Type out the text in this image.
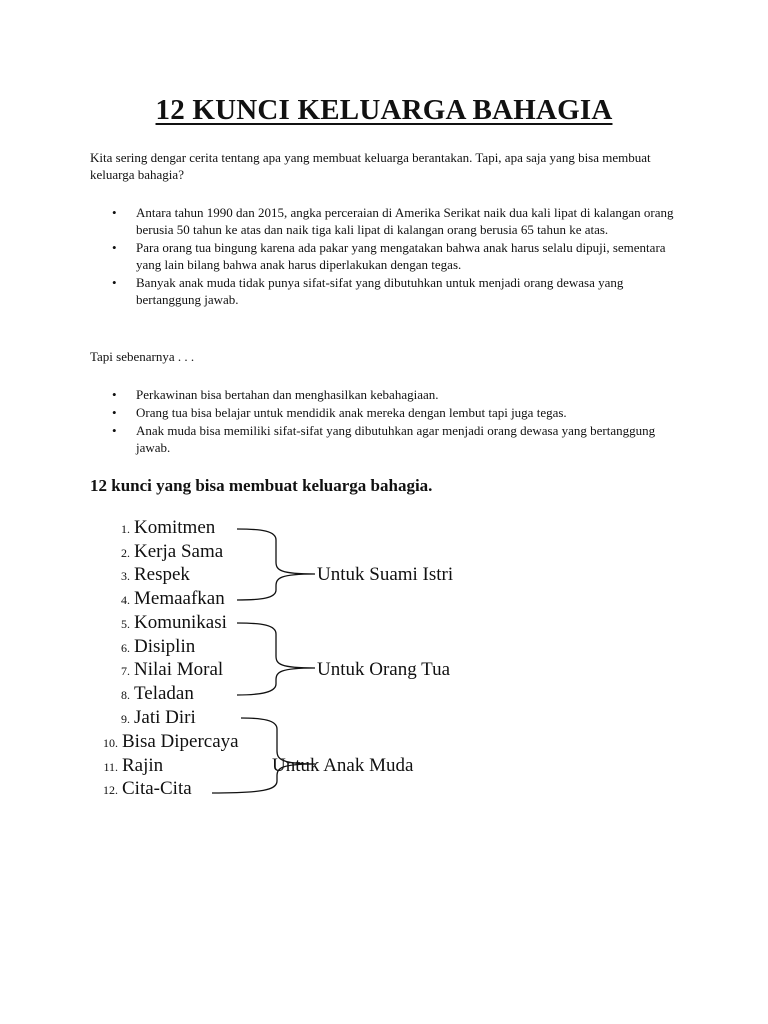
12 KUNCI KELUARGA BAHAGIA

Kita sering dengar cerita tentang apa yang membuat keluarga berantakan. Tapi, apa saja yang bisa membuat keluarga bahagia?

• Antara tahun 1990 dan 2015, angka perceraian di Amerika Serikat naik dua kali lipat di kalangan orang berusia 50 tahun ke atas dan naik tiga kali lipat di kalangan orang berusia 65 tahun ke atas.
• Para orang tua bingung karena ada pakar yang mengatakan bahwa anak harus selalu dipuji, sementara yang lain bilang bahwa anak harus diperlakukan dengan tegas.
• Banyak anak muda tidak punya sifat-sifat yang dibutuhkan untuk menjadi orang dewasa yang bertanggung jawab.

Tapi sebenarnya . . .

• Perkawinan bisa bertahan dan menghasilkan kebahagiaan.
• Orang tua bisa belajar untuk mendidik anak mereka dengan lembut tapi juga tegas.
• Anak muda bisa memiliki sifat-sifat yang dibutuhkan agar menjadi orang dewasa yang bertanggung jawab.

12 kunci yang bisa membuat keluarga bahagia.

1. Komitmen
2. Kerja Sama
3. Respek
4. Memaafkan
5. Komunikasi
6. Disiplin
7. Nilai Moral
8. Teladan
9. Jati Diri
10. Bisa Dipercaya
11. Rajin
12. Cita-Cita
Untuk Suami Istri
Untuk Orang Tua
Untuk Anak Muda
